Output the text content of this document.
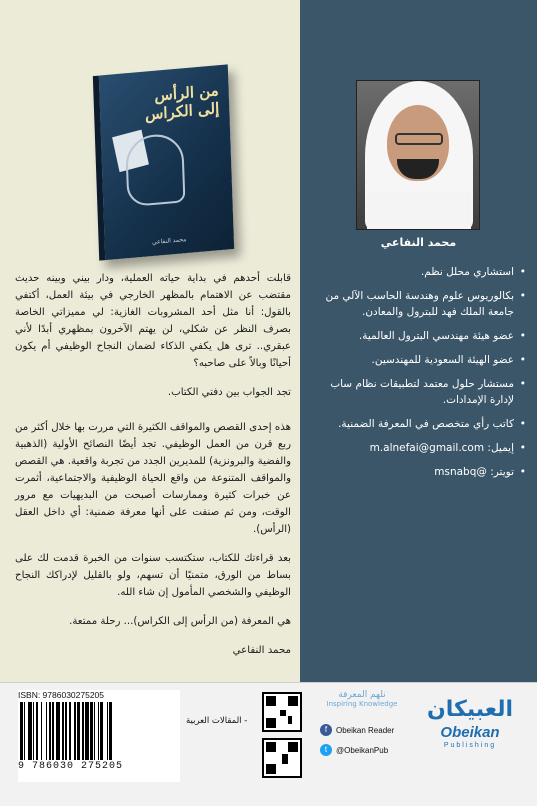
من الرأس
إلى الكراس
محمد النفاعي

قابلت أحدهم في بداية حياته العملية، ودار بيني وبينه حديث مقتضب عن الاهتمام بالمظهر الخارجي في بيئة العمل، أكتفي بالقول: أنا مثل أحد المشروبات الغازية: لي مميزاتي الخاصة بصرف النظر عن شكلي، لن يهتم الآخرون بمظهري أبدًا لأني عبقري.. ترى هل يكفي الذكاء لضمان النجاح الوظيفي أم يكون أحيانًا وبالاً على صاحبه؟

تجد الجواب بين دفتي الكتاب.

هذه إحدى القصص والمواقف الكثيرة التي مررت بها خلال أكثر من ربع قرن من العمل الوظيفي. تجد أيضًا النصائح الأولية (الذهبية والفضية والبرونزية) للمديرين الجدد من تجربة واقعية. هي القصص والمواقف المتنوعة من واقع الحياة الوظيفية والاجتماعية، أثمرت عن خبرات كثيرة وممارسات أصبحت من البديهيات مع مرور الوقت، ومن ثم صنفت على أنها معرفة ضمنية: أي داخل العقل (الرأس).

بعد قراءتك للكتاب، ستكتسب سنوات من الخبرة قدمت لك على بساط من الورق، متمنيًا أن تسهم، ولو بالقليل لإدراكك النجاح الوظيفي والشخصي المأمول إن شاء الله.

هي المعرفة (من الرأس إلى الكراس)... رحلة ممتعة.

محمد النفاعي

محمد النفاعي
• استشاري محلل نظم.
• بكالوريوس علوم وهندسة الحاسب الآلي من جامعة الملك فهد للبترول والمعادن.
• عضو هيئة مهندسي البترول العالمية.
• عضو الهيئة السعودية للمهندسين.
• مستشار حلول معتمد لتطبيقات نظام ساب لإدارة الإمدادات.
• كاتب رأي متخصص في المعرفة الضمنية.
• إيميل: m.alnefai@gmail.com
• تويتر: @msnabq
ISBN: 9786030275205
9 786030 275205
- المقالات العربية
نلهم المعرفة
Inspiring Knowledge
f	Obeikan Reader
t	@ObeikanPub
العبيكان
Obeikan
Publishing
